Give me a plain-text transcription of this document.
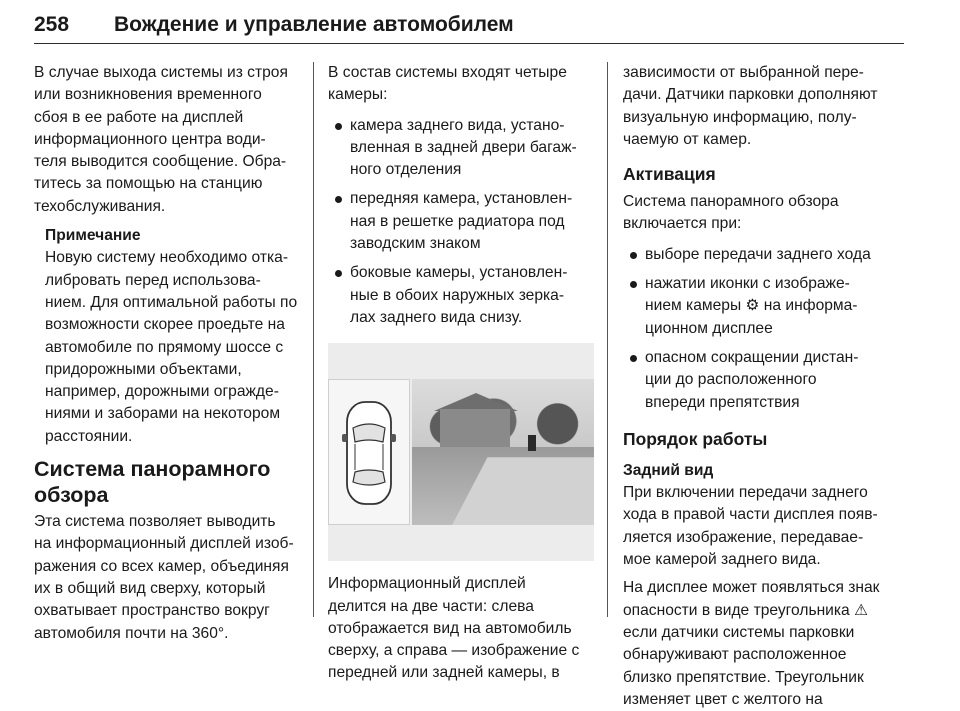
258 Вождение и управление автомобилем
В случае выхода системы из строя
или возникновения временного
сбоя в ее работе на дисплей
информационного центра води-
теля выводится сообщение. Обра-
титесь за помощью на станцию
техобслуживания.
Примечание
Новую систему необходимо отка-
либровать перед использова-
нием. Для оптимальной работы по
возможности скорее проедьте на
автомобиле по прямому шоссе с
придорожными объектами,
например, дорожными огражде-
ниями и заборами на некотором
расстоянии.
Система панорамного
обзора
Эта система позволяет выводить
на информационный дисплей изоб-
ражения со всех камер, объединяя
их в общий вид сверху, который
охватывает пространство вокруг
автомобиля почти на 360°.
В состав системы входят четыре
камеры:
камера заднего вида, устано-
вленная в задней двери багаж-
ного отделения
передняя камера, установлен-
ная в решетке радиатора под
заводским знаком
боковые камеры, установлен-
ные в обоих наружных зерка-
лах заднего вида снизу.
Информационный дисплей
делится на две части: слева
отображается вид на автомобиль
сверху, а справа — изображение с
передней или задней камеры, в
зависимости от выбранной пере-
дачи. Датчики парковки дополняют
визуальную информацию, полу-
чаемую от камер.
Активация
Система панорамного обзора
включается при:
выборе передачи заднего хода
нажатии иконки с изображе-
нием камеры ⚙ на информа-
ционном дисплее
опасном сокращении дистан-
ции до расположенного
впереди препятствия
Порядок работы
Задний вид
При включении передачи заднего
хода в правой части дисплея появ-
ляется изображение, передавае-
мое камерой заднего вида.
На дисплее может появляться знак
опасности в виде треугольника ⚠
если датчики системы парковки
обнаруживают расположенное
близко препятствие. Треугольник
изменяет цвет с желтого на
